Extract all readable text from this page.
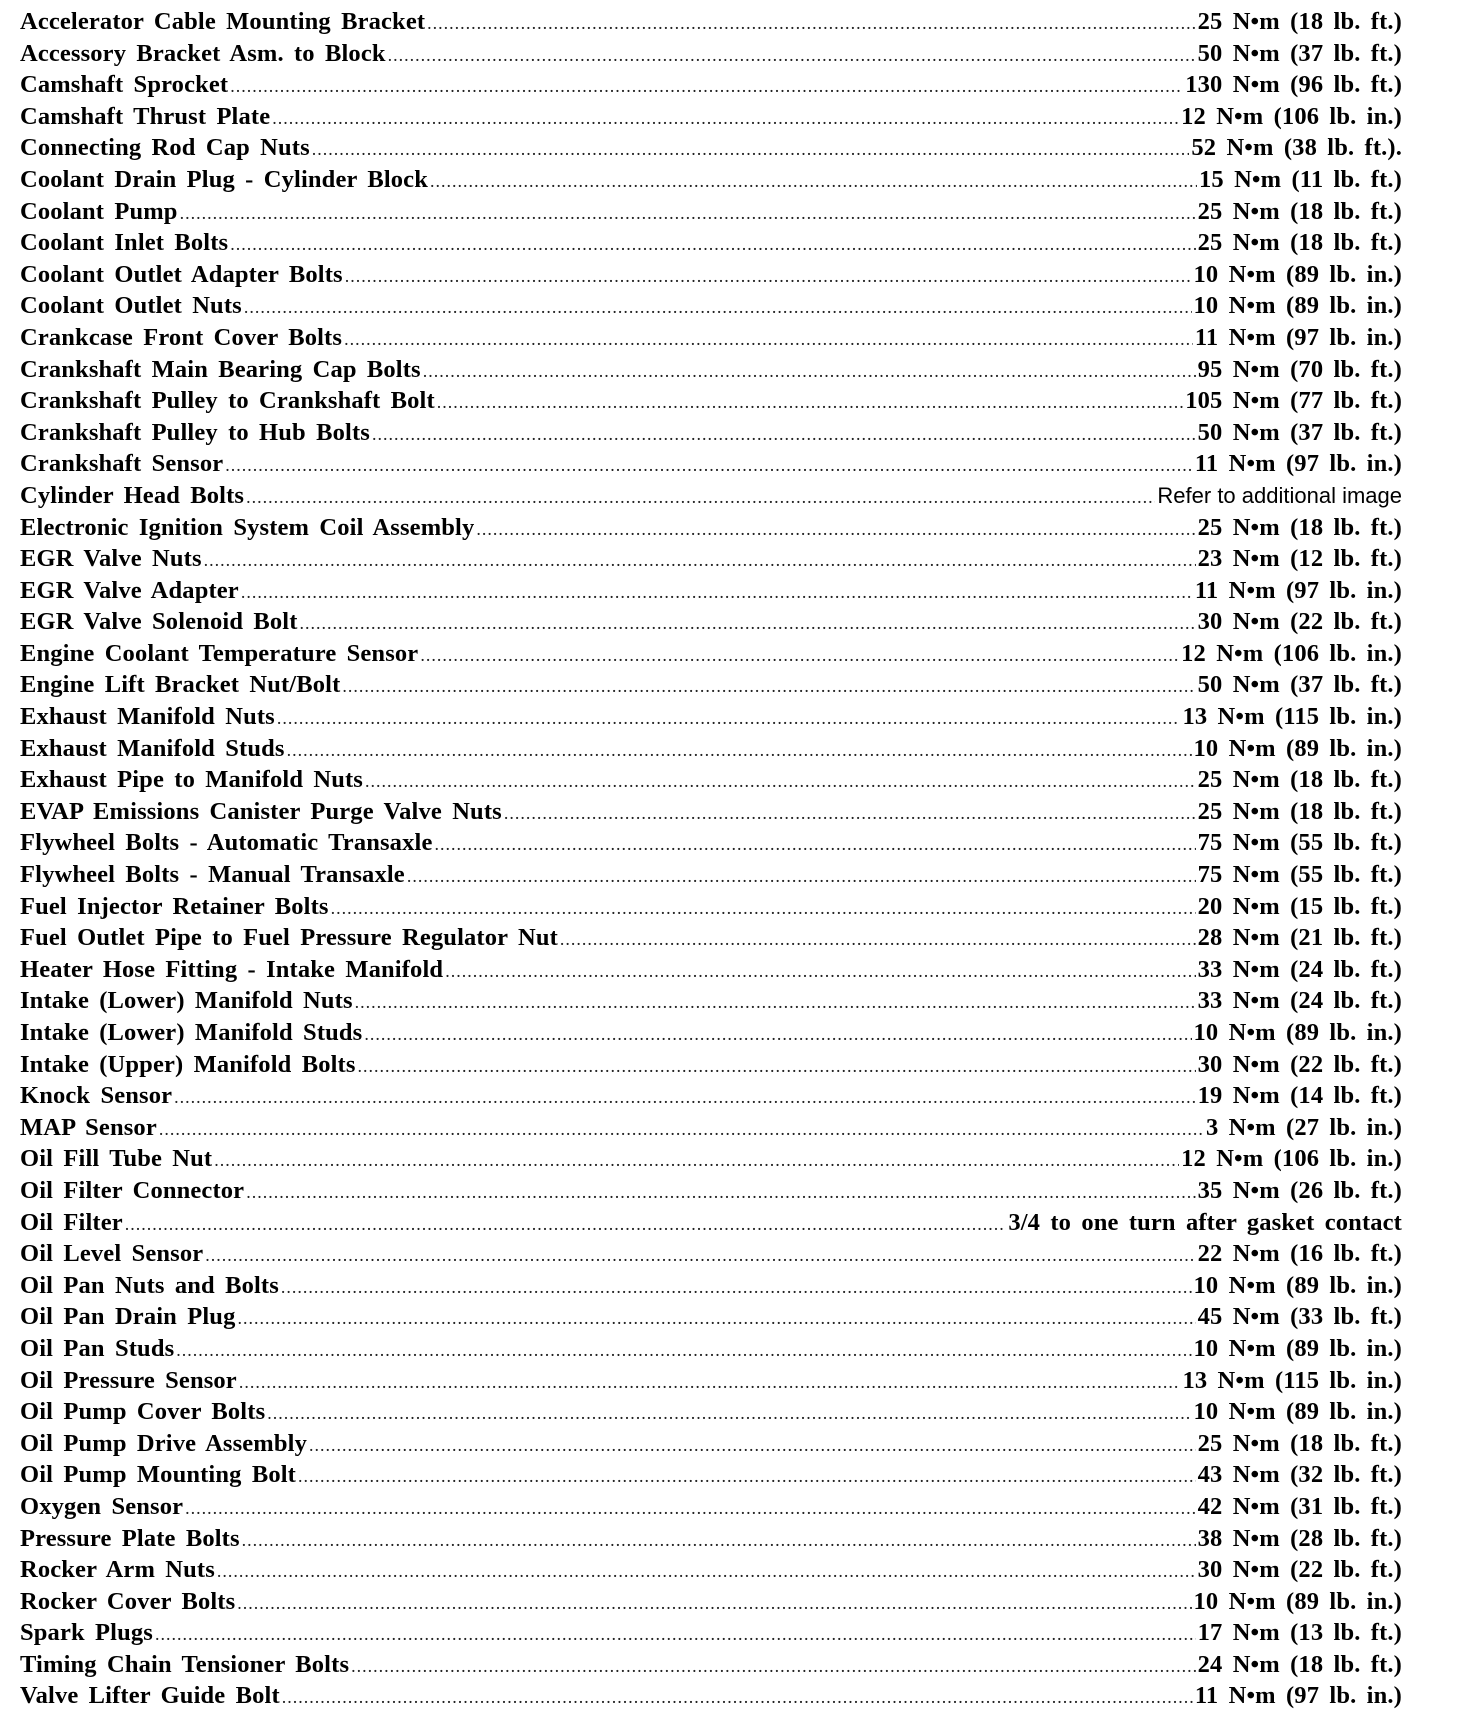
Accelerator Cable Mounting Bracket .....	25 N•m (18 lb. ft.)
Accessory Bracket Asm. to Block .....	50 N•m (37 lb. ft.)
Camshaft Sprocket .....	130 N•m (96 lb. ft.)
Camshaft Thrust Plate .....	12 N•m (106 lb. in.)
Connecting Rod Cap Nuts .....	52 N•m (38 lb. ft.).
Coolant Drain Plug - Cylinder Block .....	15 N•m (11 lb. ft.)
Coolant Pump .....	25 N•m (18 lb. ft.)
Coolant Inlet Bolts .....	25 N•m (18 lb. ft.)
Coolant Outlet Adapter Bolts .....	10 N•m (89 lb. in.)
Coolant Outlet Nuts .....	10 N•m (89 lb. in.)
Crankcase Front Cover Bolts .....	11 N•m (97 lb. in.)
Crankshaft Main Bearing Cap Bolts .....	95 N•m (70 lb. ft.)
Crankshaft Pulley to Crankshaft Bolt .....	105 N•m (77 lb. ft.)
Crankshaft Pulley to Hub Bolts .....	50 N•m (37 lb. ft.)
Crankshaft Sensor .....	11 N•m (97 lb. in.)
Cylinder Head Bolts .....	Refer to additional image
Electronic Ignition System Coil Assembly .....	25 N•m (18 lb. ft.)
EGR Valve Nuts .....	23 N•m (12 lb. ft.)
EGR Valve Adapter .....	11 N•m (97 lb. in.)
EGR Valve Solenoid Bolt .....	30 N•m (22 lb. ft.)
Engine Coolant Temperature Sensor .....	12 N•m (106 lb. in.)
Engine Lift Bracket Nut/Bolt .....	50 N•m (37 lb. ft.)
Exhaust Manifold Nuts .....	13 N•m (115 lb. in.)
Exhaust Manifold Studs .....	10 N•m (89 lb. in.)
Exhaust Pipe to Manifold Nuts .....	25 N•m (18 lb. ft.)
EVAP Emissions Canister Purge Valve Nuts .....	25 N•m (18 lb. ft.)
Flywheel Bolts - Automatic Transaxle .....	75 N•m (55 lb. ft.)
Flywheel Bolts - Manual Transaxle .....	75 N•m (55 lb. ft.)
Fuel Injector Retainer Bolts .....	20 N•m (15 lb. ft.)
Fuel Outlet Pipe to Fuel Pressure Regulator Nut .....	28 N•m (21 lb. ft.)
Heater Hose Fitting - Intake Manifold .....	33 N•m (24 lb. ft.)
Intake (Lower) Manifold Nuts .....	33 N•m (24 lb. ft.)
Intake (Lower) Manifold Studs .....	10 N•m (89 lb. in.)
Intake (Upper) Manifold Bolts .....	30 N•m (22 lb. ft.)
Knock Sensor .....	19 N•m (14 lb. ft.)
MAP Sensor .....	3 N•m (27 lb. in.)
Oil Fill Tube Nut .....	12 N•m (106 lb. in.)
Oil Filter Connector .....	35 N•m (26 lb. ft.)
Oil Filter .....	3/4 to one turn after gasket contact
Oil Level Sensor .....	22 N•m (16 lb. ft.)
Oil Pan Nuts and Bolts .....	10 N•m (89 lb. in.)
Oil Pan Drain Plug .....	45 N•m (33 lb. ft.)
Oil Pan Studs .....	10 N•m (89 lb. in.)
Oil Pressure Sensor .....	13 N•m (115 lb. in.)
Oil Pump Cover Bolts .....	10 N•m (89 lb. in.)
Oil Pump Drive Assembly .....	25 N•m (18 lb. ft.)
Oil Pump Mounting Bolt .....	43 N•m (32 lb. ft.)
Oxygen Sensor .....	42 N•m (31 lb. ft.)
Pressure Plate Bolts .....	38 N•m (28 lb. ft.)
Rocker Arm Nuts .....	30 N•m (22 lb. ft.)
Rocker Cover Bolts .....	10 N•m (89 lb. in.)
Spark Plugs .....	17 N•m (13 lb. ft.)
Timing Chain Tensioner Bolts .....	24 N•m (18 lb. ft.)
Valve Lifter Guide Bolt .....	11 N•m (97 lb. in.)
